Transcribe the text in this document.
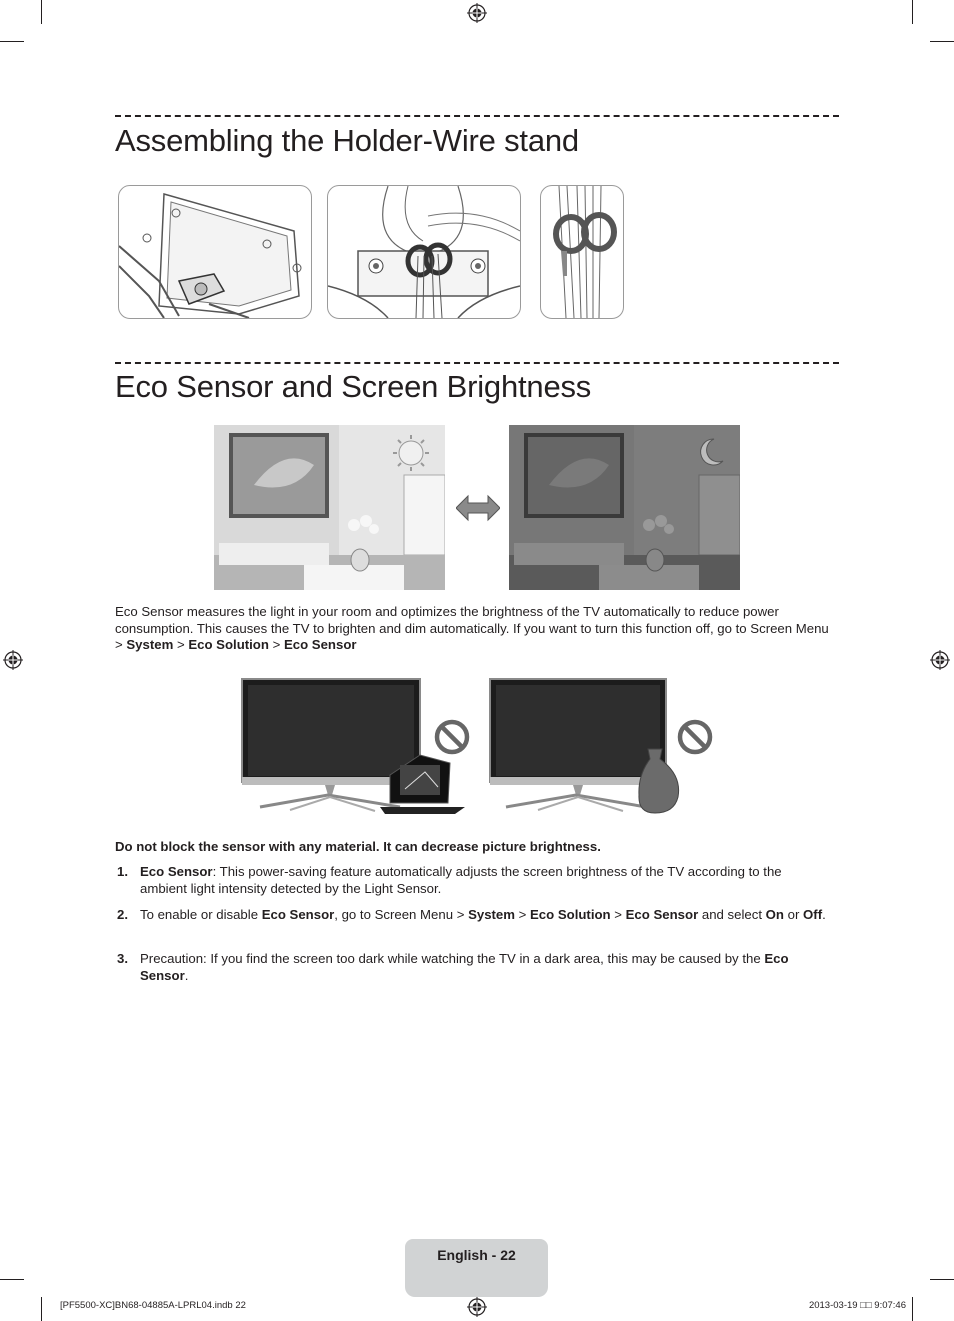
Assembling the Holder-Wire stand
Eco Sensor and Screen Brightness
Eco Sensor measures the light in your room and optimizes the brightness of the TV automatically to reduce power consumption. This causes the TV to brighten and dim automatically. If you want to turn this function off, go to Screen Menu > System > Eco Solution > Eco Sensor
Do not block the sensor with any material. It can decrease picture brightness.
1. Eco Sensor: This power-saving feature automatically adjusts the screen brightness of the TV according to the ambient light intensity detected by the Light Sensor.
2. To enable or disable Eco Sensor, go to Screen Menu > System > Eco Solution > Eco Sensor and select On or Off.
3. Precaution: If you find the screen too dark while watching the TV in a dark area, this may be caused by the Eco Sensor.
English - 22
[PF5500-XC]BN68-04885A-LPRL04.indb 22	2013-03-19 □□ 9:07:46
